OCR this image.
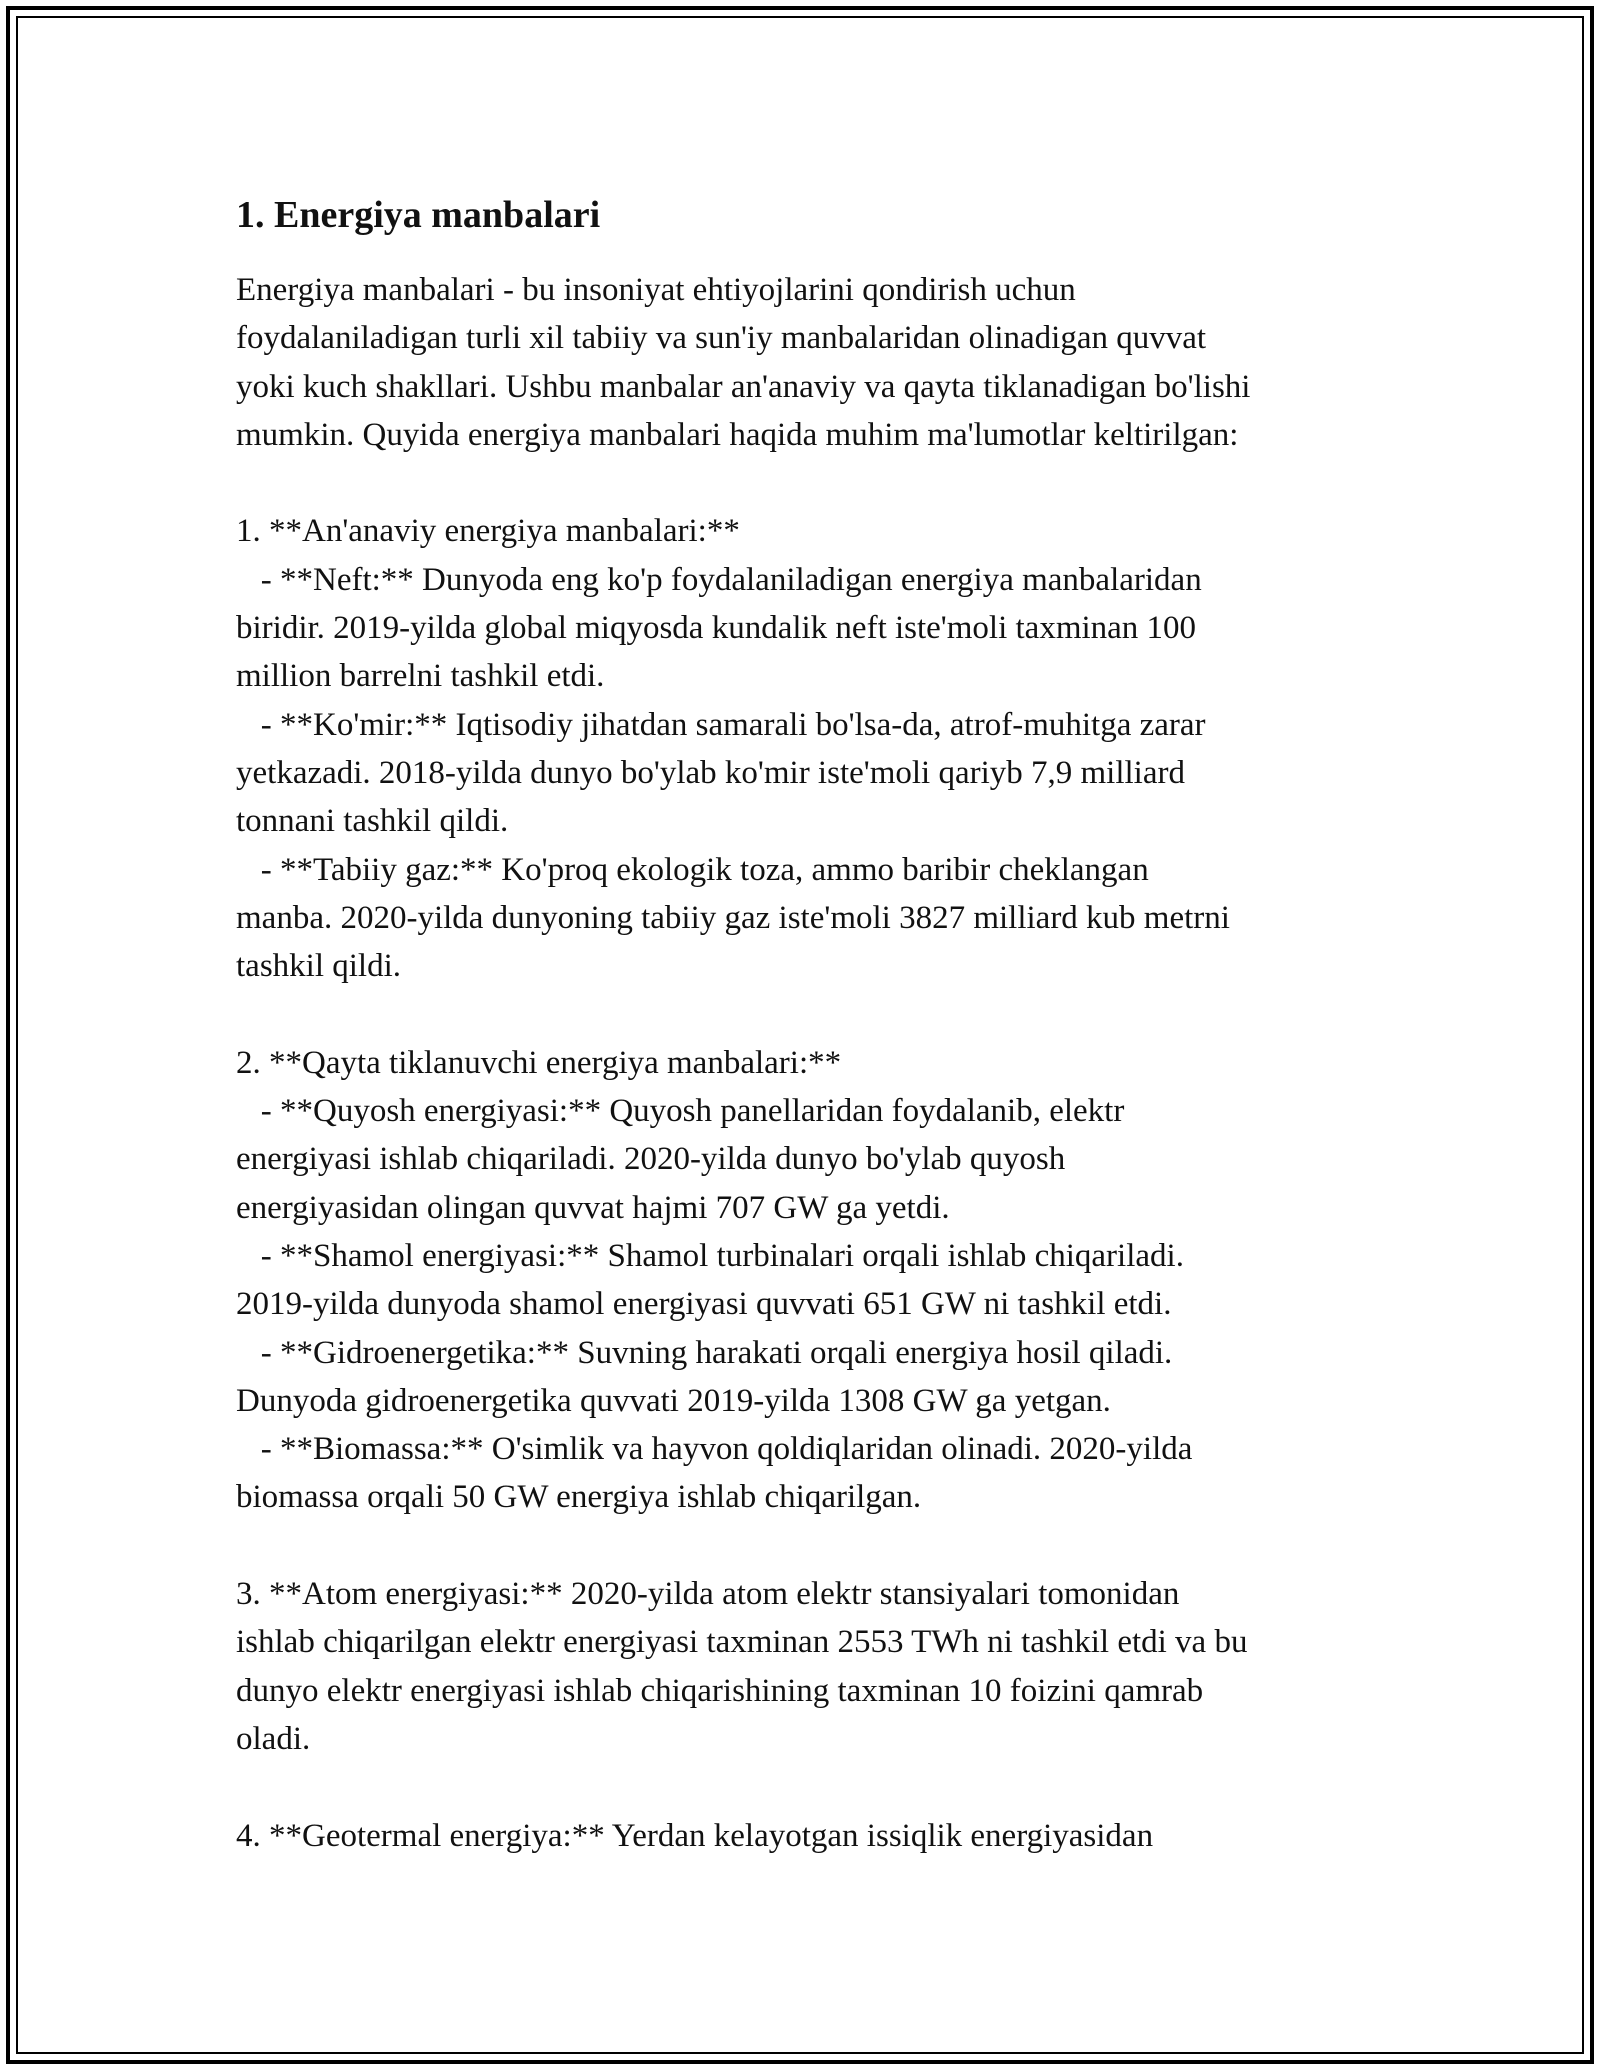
1. Energiya manbalari

Energiya manbalari - bu insoniyat ehtiyojlarini qondirish uchun
foydalaniladigan turli xil tabiiy va sun'iy manbalaridan olinadigan quvvat
yoki kuch shakllari. Ushbu manbalar an'anaviy va qayta tiklanadigan bo'lishi
mumkin. Quyida energiya manbalari haqida muhim ma'lumotlar keltirilgan:

1. **An'anaviy energiya manbalari:**
- **Neft:** Dunyoda eng ko'p foydalaniladigan energiya manbalaridan
biridir. 2019-yilda global miqyosda kundalik neft iste'moli taxminan 100
million barrelni tashkil etdi.
- **Ko'mir:** Iqtisodiy jihatdan samarali bo'lsa-da, atrof-muhitga zarar
yetkazadi. 2018-yilda dunyo bo'ylab ko'mir iste'moli qariyb 7,9 milliard
tonnani tashkil qildi.
- **Tabiiy gaz:** Ko'proq ekologik toza, ammo baribir cheklangan
manba. 2020-yilda dunyoning tabiiy gaz iste'moli 3827 milliard kub metrni
tashkil qildi.

2. **Qayta tiklanuvchi energiya manbalari:**
- **Quyosh energiyasi:** Quyosh panellaridan foydalanib, elektr
energiyasi ishlab chiqariladi. 2020-yilda dunyo bo'ylab quyosh
energiyasidan olingan quvvat hajmi 707 GW ga yetdi.
- **Shamol energiyasi:** Shamol turbinalari orqali ishlab chiqariladi.
2019-yilda dunyoda shamol energiyasi quvvati 651 GW ni tashkil etdi.
- **Gidroenergetika:** Suvning harakati orqali energiya hosil qiladi.
Dunyoda gidroenergetika quvvati 2019-yilda 1308 GW ga yetgan.
- **Biomassa:** O'simlik va hayvon qoldiqlaridan olinadi. 2020-yilda
biomassa orqali 50 GW energiya ishlab chiqarilgan.

3. **Atom energiyasi:** 2020-yilda atom elektr stansiyalari tomonidan
ishlab chiqarilgan elektr energiyasi taxminan 2553 TWh ni tashkil etdi va bu
dunyo elektr energiyasi ishlab chiqarishining taxminan 10 foizini qamrab
oladi.

4. **Geotermal energiya:** Yerdan kelayotgan issiqlik energiyasidan
